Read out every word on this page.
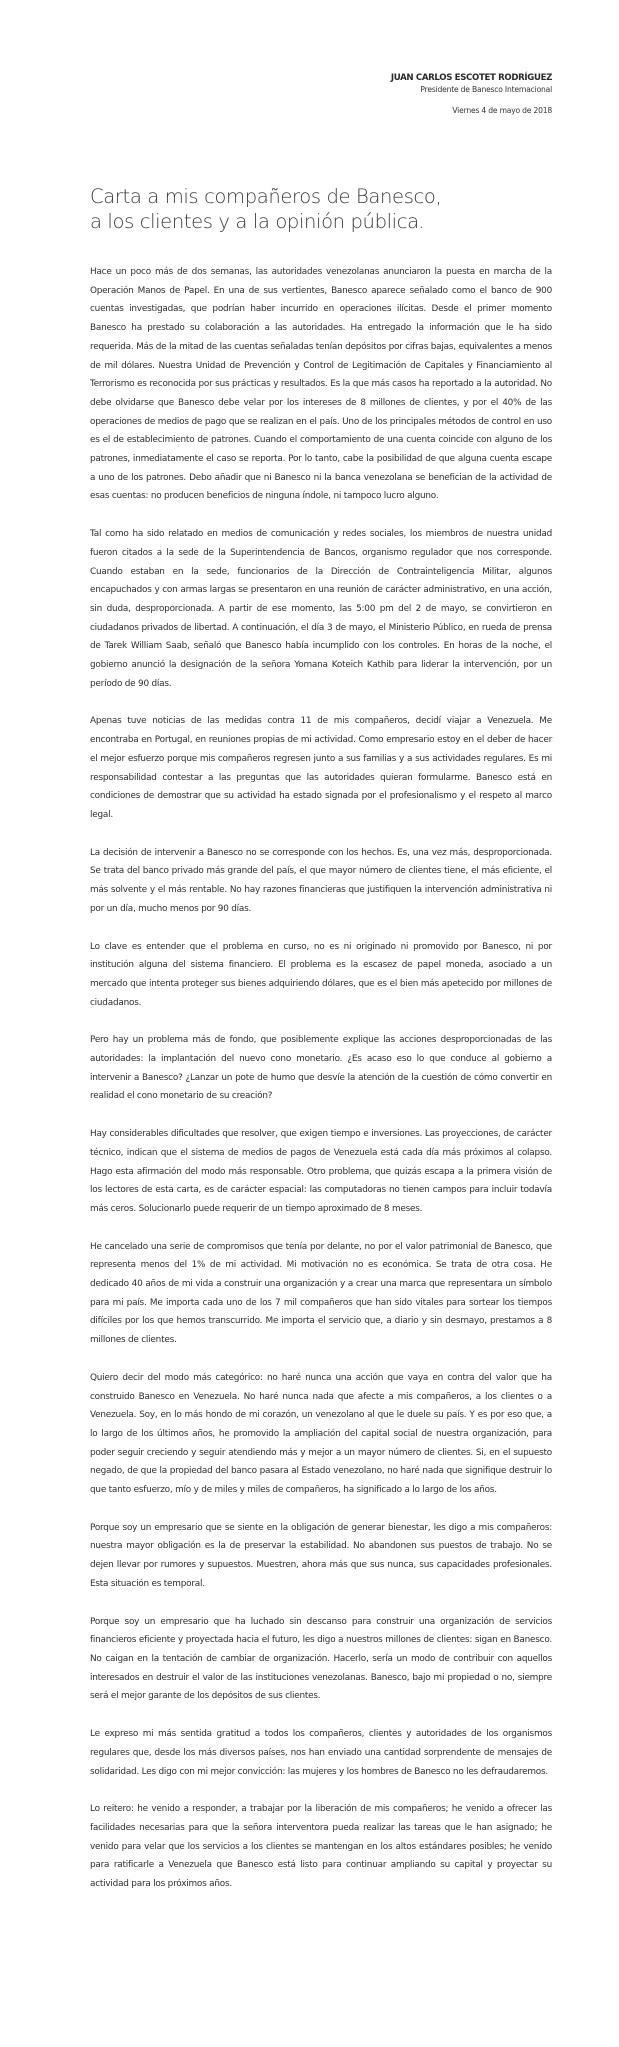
JUAN CARLOS ESCOTET RODRÍGUEZ
Presidente de Banesco Internacional
Viernes 4 de mayo de 2018
Carta a mis compañeros de Banesco,
a los clientes y a la opinión pública.

Hace un poco más de dos semanas, las autoridades venezolanas anunciaron la puesta en marcha de la Operación Manos de Papel. En una de sus vertientes, Banesco aparece señalado como el banco de 900 cuentas investigadas, que podrían haber incurrido en operaciones ilícitas. Desde el primer momento Banesco ha prestado su colaboración a las autoridades. Ha entregado la información que le ha sido requerida. Más de la mitad de las cuentas señaladas tenían depósitos por cifras bajas, equivalentes a menos de mil dólares. Nuestra Unidad de Prevención y Control de Legitimación de Capitales y Financiamiento al Terrorismo es reconocida por sus prácticas y resultados. Es la que más casos ha reportado a la autoridad. No debe olvidarse que Banesco debe velar por los intereses de 8 millones de clientes, y por el 40% de las operaciones de medios de pago que se realizan en el país. Uno de los principales métodos de control en uso es el de establecimiento de patrones. Cuando el comportamiento de una cuenta coincide con alguno de los patrones, inmediatamente el caso se reporta. Por lo tanto, cabe la posibilidad de que alguna cuenta escape a uno de los patrones. Debo añadir que ni Banesco ni la banca venezolana se benefician de la actividad de esas cuentas: no producen beneficios de ninguna índole, ni tampoco lucro alguno.

Tal como ha sido relatado en medios de comunicación y redes sociales, los miembros de nuestra unidad fueron citados a la sede de la Superintendencia de Bancos, organismo regulador que nos corresponde. Cuando estaban en la sede, funcionarios de la Dirección de Contrainteligencia Militar, algunos encapuchados y con armas largas se presentaron en una reunión de carácter administrativo, en una acción, sin duda, desproporcionada. A partir de ese momento, las 5:00 pm del 2 de mayo, se convirtieron en ciudadanos privados de libertad. A continuación, el día 3 de mayo, el Ministerio Público, en rueda de prensa de Tarek William Saab, señaló que Banesco había incumplido con los controles. En horas de la noche, el gobierno anunció la designación de la señora Yomana Koteich Kathib para liderar la intervención, por un período de 90 días.

Apenas tuve noticias de las medidas contra 11 de mis compañeros, decidí viajar a Venezuela. Me encontraba en Portugal, en reuniones propias de mi actividad. Como empresario estoy en el deber de hacer el mejor esfuerzo porque mis compañeros regresen junto a sus familias y a sus actividades regulares. Es mi responsabilidad contestar a las preguntas que las autoridades quieran formularme. Banesco está en condiciones de demostrar que su actividad ha estado signada por el profesionalismo y el respeto al marco legal.

La decisión de intervenir a Banesco no se corresponde con los hechos. Es, una vez más, desproporcionada. Se trata del banco privado más grande del país, el que mayor número de clientes tiene, el más eficiente, el más solvente y el más rentable. No hay razones financieras que justifiquen la intervención administrativa ni por un día, mucho menos por 90 días.

Lo clave es entender que el problema en curso, no es ni originado ni promovido por Banesco, ni por institución alguna del sistema financiero. El problema es la escasez de papel moneda, asociado a un mercado que intenta proteger sus bienes adquiriendo dólares, que es el bien más apetecido por millones de ciudadanos.

Pero hay un problema más de fondo, que posiblemente explique las acciones desproporcionadas de las autoridades: la implantación del nuevo cono monetario. ¿Es acaso eso lo que conduce al gobierno a intervenir a Banesco? ¿Lanzar un pote de humo que desvíe la atención de la cuestión de cómo convertir en realidad el cono monetario de su creación?

Hay considerables dificultades que resolver, que exigen tiempo e inversiones. Las proyecciones, de carácter técnico, indican que el sistema de medios de pagos de Venezuela está cada día más próximos al colapso. Hago esta afirmación del modo más responsable. Otro problema, que quizás escapa a la primera visión de los lectores de esta carta, es de carácter espacial: las computadoras no tienen campos para incluir todavía más ceros. Solucionarlo puede requerir de un tiempo aproximado de 8 meses.

He cancelado una serie de compromisos que tenía por delante, no por el valor patrimonial de Banesco, que representa menos del 1% de mi actividad. Mi motivación no es económica. Se trata de otra cosa. He dedicado 40 años de mi vida a construir una organización y a crear una marca que representara un símbolo para mi país. Me importa cada uno de los 7 mil compañeros que han sido vitales para sortear los tiempos difíciles por los que hemos transcurrido. Me importa el servicio que, a diario y sin desmayo, prestamos a 8 millones de clientes.

Quiero decir del modo más categórico: no haré nunca una acción que vaya en contra del valor que ha construido Banesco en Venezuela. No haré nunca nada que afecte a mis compañeros, a los clientes o a Venezuela. Soy, en lo más hondo de mi corazón, un venezolano al que le duele su país. Y es por eso que, a lo largo de los últimos años, he promovido la ampliación del capital social de nuestra organización, para poder seguir creciendo y seguir atendiendo más y mejor a un mayor número de clientes. Si, en el supuesto negado, de que la propiedad del banco pasara al Estado venezolano, no haré nada que signifique destruir lo que tanto esfuerzo, mío y de miles y miles de compañeros, ha significado a lo largo de los años.

Porque soy un empresario que se siente en la obligación de generar bienestar, les digo a mis compañeros: nuestra mayor obligación es la de preservar la estabilidad. No abandonen sus puestos de trabajo. No se dejen llevar por rumores y supuestos. Muestren, ahora más que sus nunca, sus capacidades profesionales. Esta situación es temporal.

Porque soy un empresario que ha luchado sin descanso para construir una organización de servicios financieros eficiente y proyectada hacia el futuro, les digo a nuestros millones de clientes: sigan en Banesco. No caigan en la tentación de cambiar de organización. Hacerlo, sería un modo de contribuir con aquellos interesados en destruir el valor de las instituciones venezolanas. Banesco, bajo mi propiedad o no, siempre será el mejor garante de los depósitos de sus clientes.

Le expreso mi más sentida gratitud a todos los compañeros, clientes y autoridades de los organismos regulares que, desde los más diversos países, nos han enviado una cantidad sorprendente de mensajes de solidaridad. Les digo con mi mejor convicción: las mujeres y los hombres de Banesco no les defraudaremos.

Lo reitero: he venido a responder, a trabajar por la liberación de mis compañeros; he venido a ofrecer las facilidades necesarias para que la señora interventora pueda realizar las tareas que le han asignado; he venido para velar que los servicios a los clientes se mantengan en los altos estándares posibles; he venido para ratificarle a Venezuela que Banesco está listo para continuar ampliando su capital y proyectar su actividad para los próximos años.
